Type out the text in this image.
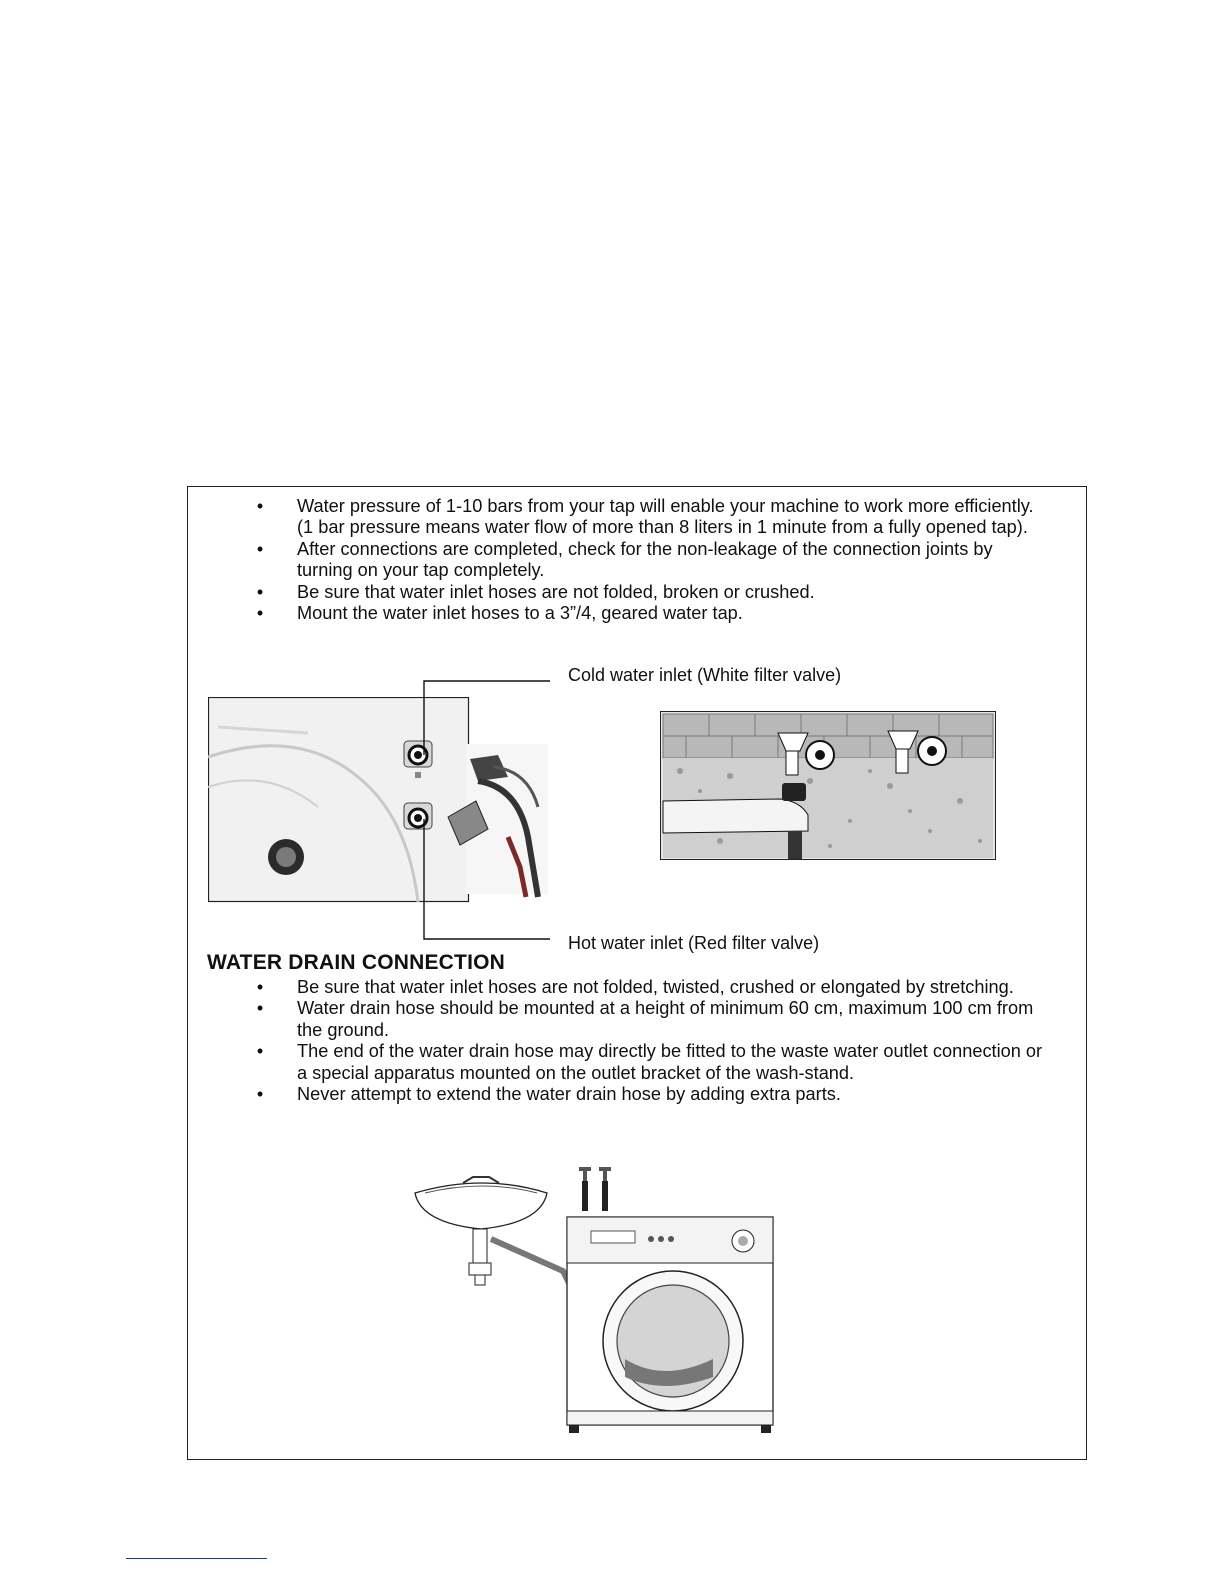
• Water pressure of 1-10 bars from your tap will enable your machine to work more efficiently.(1 bar pressure means water flow of more than 8 liters in 1 minute from a fully opened tap).
• After connections are completed, check for the non-leakage of the connection joints by turning on your tap completely.
• Be sure that water inlet hoses are not folded, broken or crushed.
• Mount the water inlet hoses to a 3”/4, geared water tap.
Cold water inlet (White filter valve)
Hot water inlet (Red filter valve)
WATER DRAIN CONNECTION
• Be sure that water inlet hoses are not folded, twisted, crushed or elongated by stretching.
• Water drain hose should be mounted at a height of minimum 60 cm, maximum 100 cm from the ground.
• The end of the water drain hose may directly be fitted to the waste water outlet connection or a special apparatus mounted on the outlet bracket of the wash-stand.
• Never attempt to extend the water drain hose by adding extra parts.
